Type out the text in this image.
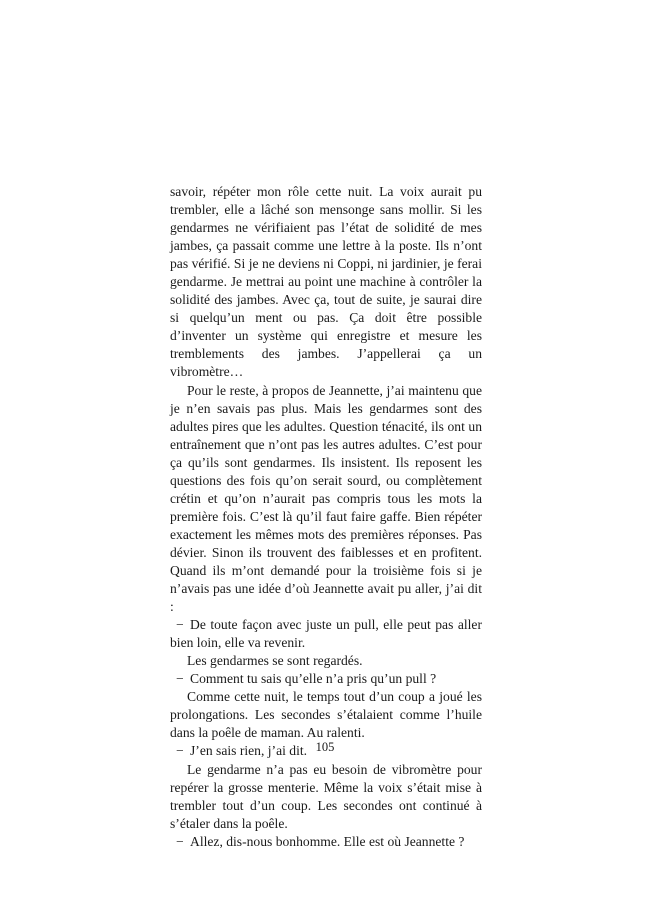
savoir, répéter mon rôle cette nuit. La voix aurait pu trembler, elle a lâché son mensonge sans mollir. Si les gendarmes ne vérifiaient pas l’état de solidité de mes jambes, ça passait comme une lettre à la poste. Ils n’ont pas vérifié. Si je ne deviens ni Coppi, ni jardinier, je ferai gendarme. Je mettrai au point une machine à contrôler la solidité des jambes. Avec ça, tout de suite, je saurai dire si quelqu’un ment ou pas. Ça doit être possible d’inventer un système qui enregistre et mesure les tremblements des jambes. J’appellerai ça un vibromètre…

Pour le reste, à propos de Jeannette, j’ai maintenu que je n’en savais pas plus. Mais les gendarmes sont des adultes pires que les adultes. Question ténacité, ils ont un entraînement que n’ont pas les autres adultes. C’est pour ça qu’ils sont gendarmes. Ils insistent. Ils reposent les questions des fois qu’on serait sourd, ou complètement crétin et qu’on n’aurait pas compris tous les mots la première fois. C’est là qu’il faut faire gaffe. Bien répéter exactement les mêmes mots des premières réponses. Pas dévier. Sinon ils trouvent des faiblesses et en profitent. Quand ils m’ont demandé pour la troisième fois si je n’avais pas une idée d’où Jeannette avait pu aller, j’ai dit :

− De toute façon avec juste un pull, elle peut pas aller bien loin, elle va revenir.

Les gendarmes se sont regardés.

− Comment tu sais qu’elle n’a pris qu’un pull ?

Comme cette nuit, le temps tout d’un coup a joué les prolongations. Les secondes s’étalaient comme l’huile dans la poêle de maman. Au ralenti.

− J’en sais rien, j’ai dit.

Le gendarme n’a pas eu besoin de vibromètre pour repérer la grosse menterie. Même la voix s’était mise à trembler tout d’un coup. Les secondes ont continué à s’étaler dans la poêle.

− Allez, dis-nous bonhomme. Elle est où Jeannette ?

105
